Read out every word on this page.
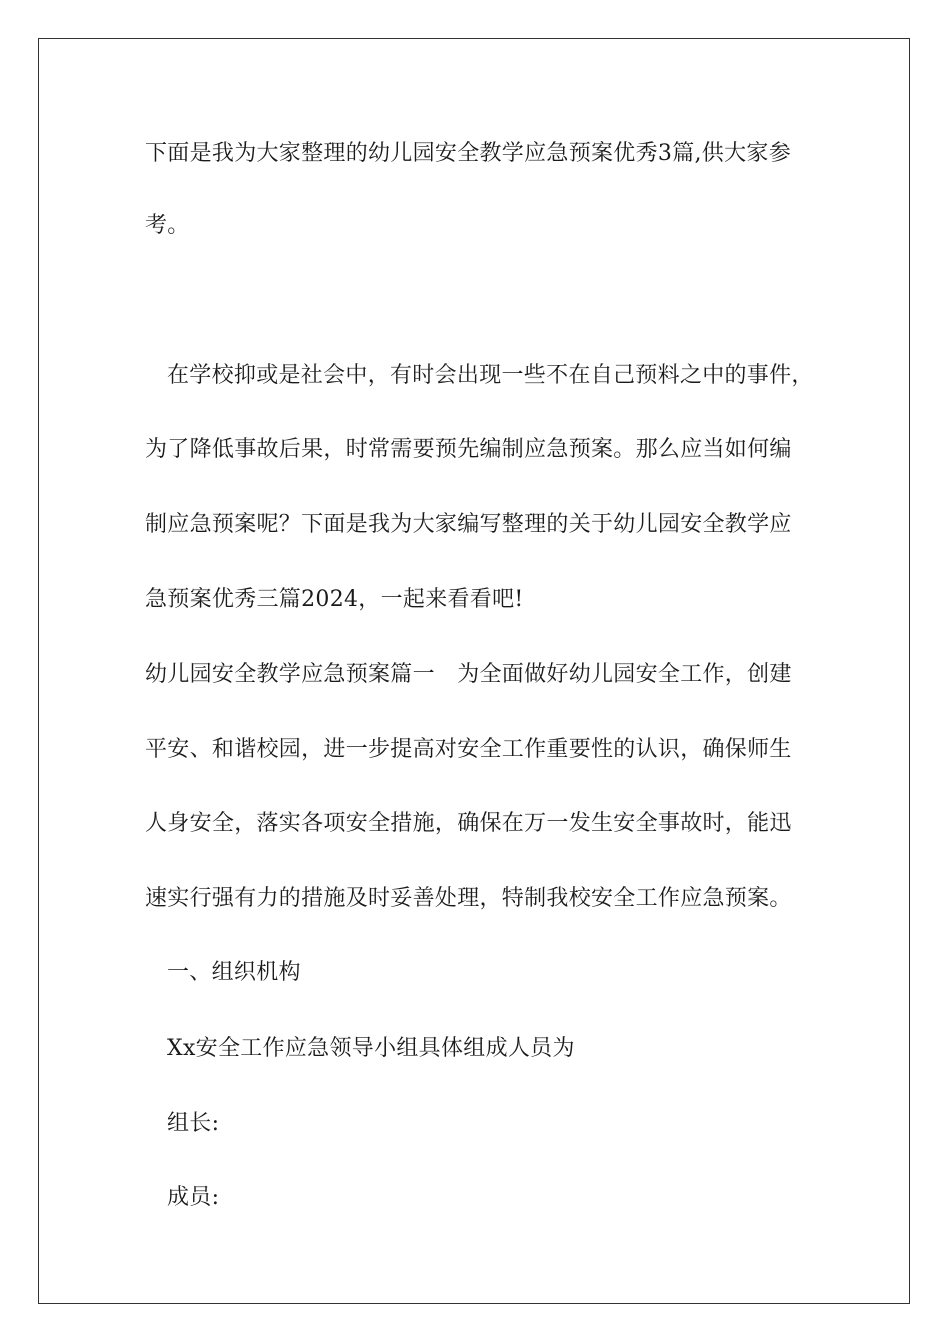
下面是我为大家整理的幼儿园安全教学应急预案优秀3篇,供大家参
考。
在学校抑或是社会中，有时会出现一些不在自己预料之中的事件，
为了降低事故后果，时常需要预先编制应急预案。那么应当如何编
制应急预案呢？下面是我为大家编写整理的关于幼儿园安全教学应
急预案优秀三篇2024，一起来看看吧!
幼儿园安全教学应急预案篇一　为全面做好幼儿园安全工作，创建
平安、和谐校园，进一步提高对安全工作重要性的认识，确保师生
人身安全，落实各项安全措施，确保在万一发生安全事故时，能迅
速实行强有力的措施及时妥善处理，特制我校安全工作应急预案。
一、组织机构
Xx安全工作应急领导小组具体组成人员为
组长:
成员:
